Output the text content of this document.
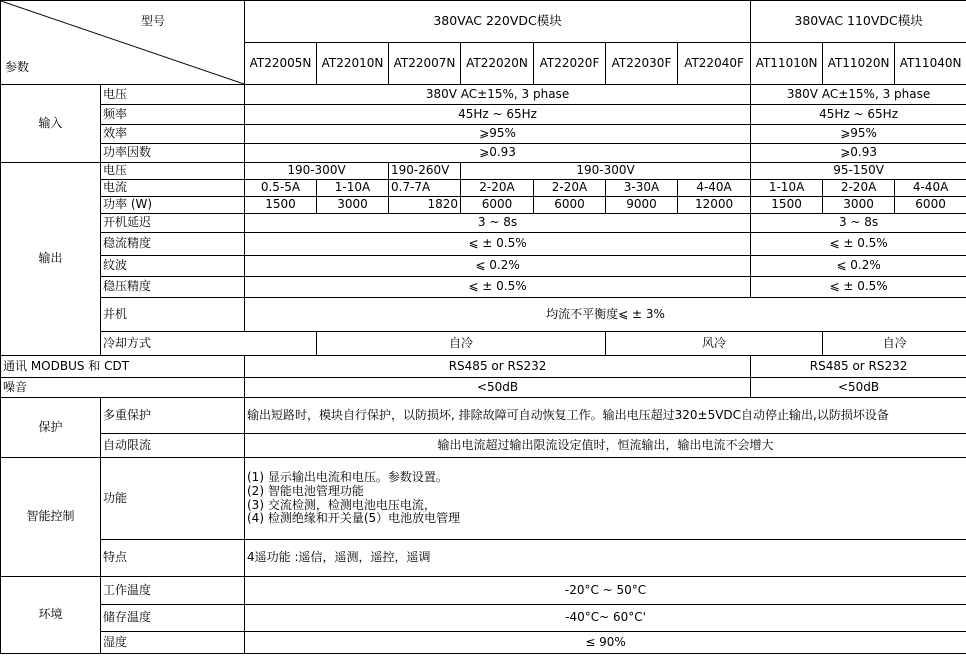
型号
参数		380VAC 220VDC模块							380VAC 110VDC模块		
		AT22005N	AT22010N	AT22007N	AT22020N	AT22020F	AT22030F	AT22040F	AT11010N	AT11020N	AT11040N
输入	电压	380V AC±15%, 3 phase							380V AC±15%, 3 phase		
	频率	45Hz ~ 65Hz							45Hz ~ 65Hz		
	效率	⩾95%							⩾95%		
	功率因数	⩾0.93							⩾0.93		
输出	电压	190-300V		190-260V	190-300V				95-150V		
	电流	0.5-5A	1-10A	0.7-7A	2-20A	2-20A	3-30A	4-40A	1-10A	2-20A	4-40A
	功率 (W)	1500	3000	1820	6000	6000	9000	12000	1500	3000	6000
	开机延迟	3 ~ 8s							3 ~ 8s		
	稳流精度	⩽ ± 0.5%							⩽ ± 0.5%		
	纹波	⩽ 0.2%							⩽ 0.2%		
	稳压精度	⩽ ± 0.5%							⩽ ± 0.5%		
	并机	均流不平衡度⩽ ± 3%									
	冷却方式		自冷				风冷			自冷	
通讯 MODBUS 和 CDT		RS485 or RS232							RS485 or RS232		
噪音		<50dB							<50dB		
保护	多重保护	输出短路时，模块自行保护，以防损坏, 排除故障可自动恢复工作。输出电压超过320±5VDC自动停止输出,以防损坏设备									
	自动限流	输出电流超过输出限流设定值时，恒流输出，输出电流不会增大									
智能控制	功能	(1) 显示输出电流和电压。参数设置。
(2) 智能电池管理功能
(3) 交流检测，检测电池电压电流，
(4) 检测绝缘和开关量(5）电池放电管理									

	特点	4遥功能 :遥信，遥测，遥控，遥调									
环境	工作温度	-20°C ~ 50°C									
	储存温度	-40°C~ 60°C'									
	湿度	≤ 90%									
